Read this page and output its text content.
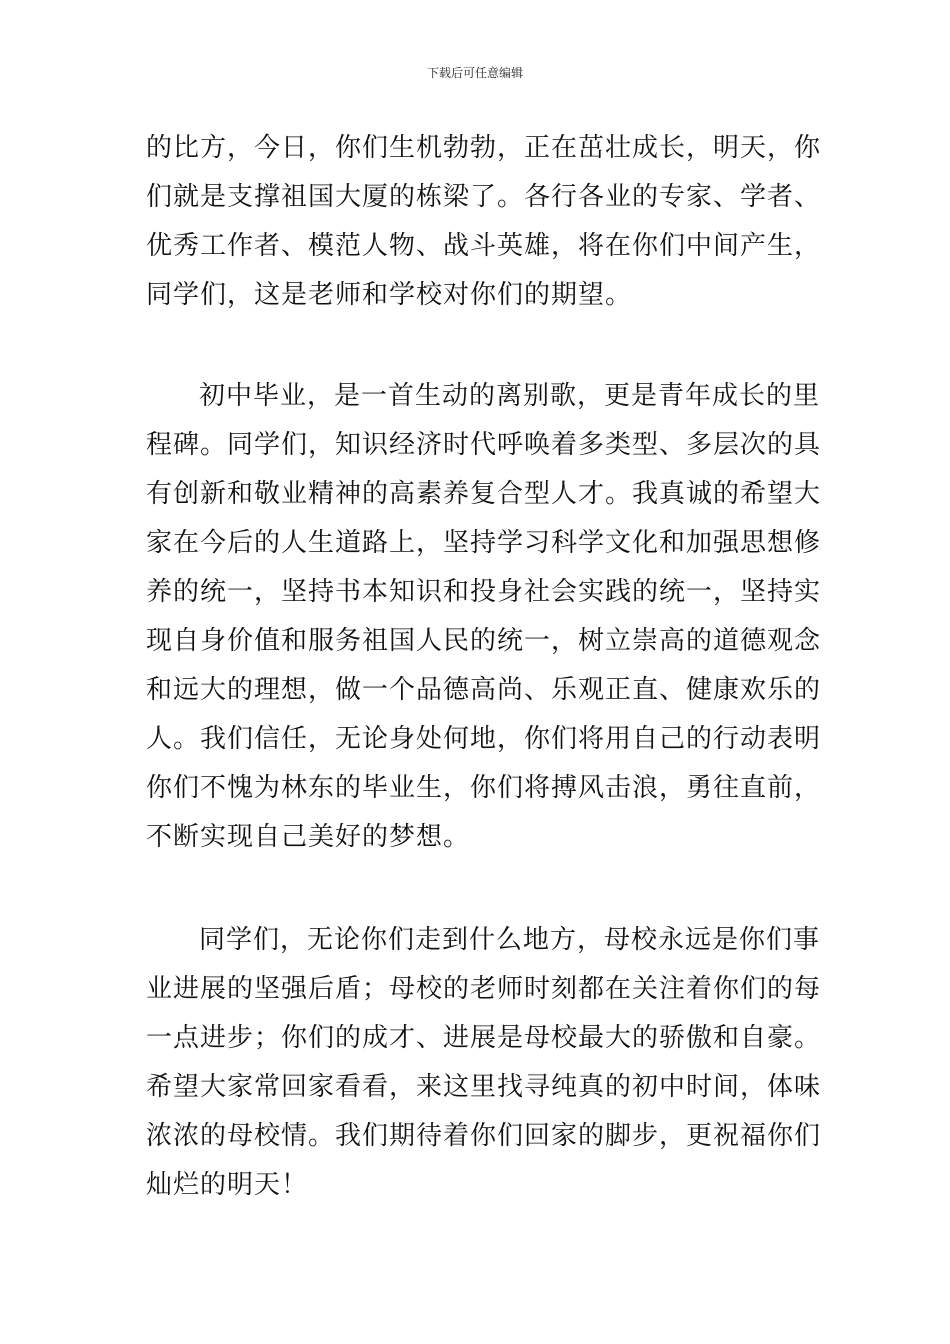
下载后可任意编辑
的比方，今日，你们生机勃勃，正在茁壮成长，明天，你
们就是支撑祖国大厦的栋梁了。各行各业的专家、学者、
优秀工作者、模范人物、战斗英雄，将在你们中间产生，
同学们，这是老师和学校对你们的期望。
初中毕业，是一首生动的离别歌，更是青年成长的里
程碑。同学们，知识经济时代呼唤着多类型、多层次的具
有创新和敬业精神的高素养复合型人才。我真诚的希望大
家在今后的人生道路上，坚持学习科学文化和加强思想修
养的统一，坚持书本知识和投身社会实践的统一，坚持实
现自身价值和服务祖国人民的统一，树立崇高的道德观念
和远大的理想，做一个品德高尚、乐观正直、健康欢乐的
人。我们信任，无论身处何地，你们将用自己的行动表明
你们不愧为林东的毕业生，你们将搏风击浪，勇往直前，
不断实现自己美好的梦想。
同学们，无论你们走到什么地方，母校永远是你们事
业进展的坚强后盾；母校的老师时刻都在关注着你们的每
一点进步；你们的成才、进展是母校最大的骄傲和自豪。
希望大家常回家看看，来这里找寻纯真的初中时间，体味
浓浓的母校情。我们期待着你们回家的脚步，更祝福你们
灿烂的明天！
